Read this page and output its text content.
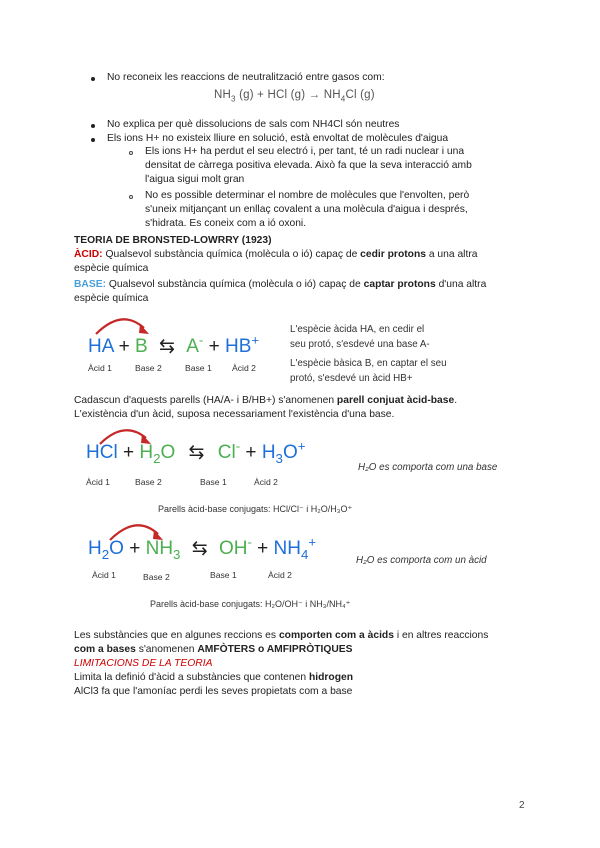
No reconeix les reaccions de neutralització entre gasos com:
$NH_3$ (g) + HCl $(g) \to NH_4Cl$ (g)
No explica per què dissolucions de sals com NH4Cl són neutres
Els ions H+ no existeix lliure en solució, està envoltat de molècules d'aigua
Els ions H+ ha perdut el seu electró i, per tant, té un radi nuclear i una
densitat de càrrega positiva elevada. Això fa que la seva interacció amb
l'aigua sigui molt gran
No es possible determinar el nombre de molècules que l'envolten, però
s'uneix mitjançant un enllaç covalent a una molècula d'aigua i després,
s'hidrata. Es coneix com a ió oxoni.
TEORIA DE BRONSTED-LOWRRY (1923)
ÀCID: Qualsevol substància química (molècula o ió) capaç de cedir protons a una altra
espècie química
BASE: Qualsevol substància química (molècula o ió) capaç de captar protons d'una altra
espècie química
HA + B ⇆ A- + HB+
Àcid 1	Base 2	Base 1 Àcid 2
L'espècie àcida HA, en cedir el
seu protó, s'esdevé una base A-
L'espècie bàsica B, en captar el seu
protó, s'esdevé un àcid HB+
Cadascun d'aquests parells (HA/A- i B/HB+) s'anomenen parell conjuat àcid-base.
L'existència d'un àcid, suposa necessariament l'existència d'una base.
HCl + $H_2O$ ⇆ $Cl^- + H_3O^+$
Àcid 1	Base 2	Base 1	Àcid 2
H₂O es comporta com una base
Parells àcid-base conjugats: HCl/Cl⁻ i H₂O/H₃O⁺
$H_2O + NH_3$ ⇆ $OH^- + NH_4^+$
Àcid 1	Base 2	Base 1	Àcid 2
H₂O es comporta com un àcid
Parells àcid-base conjugats: H₂O/OH⁻ i NH₃/NH₄⁺
Les substàncies que en algunes reccions es comporten com a àcids i en altres reaccions
com a bases s'anomenen AMFÒTERS o AMFIPRÒTIQUES
LIMITACIONS DE LA TEORIA
Limita la definió d'àcid a substàncies que contenen hidrogen
AlCl3 fa que l'amoníac perdi les seves propietats com a base
2
